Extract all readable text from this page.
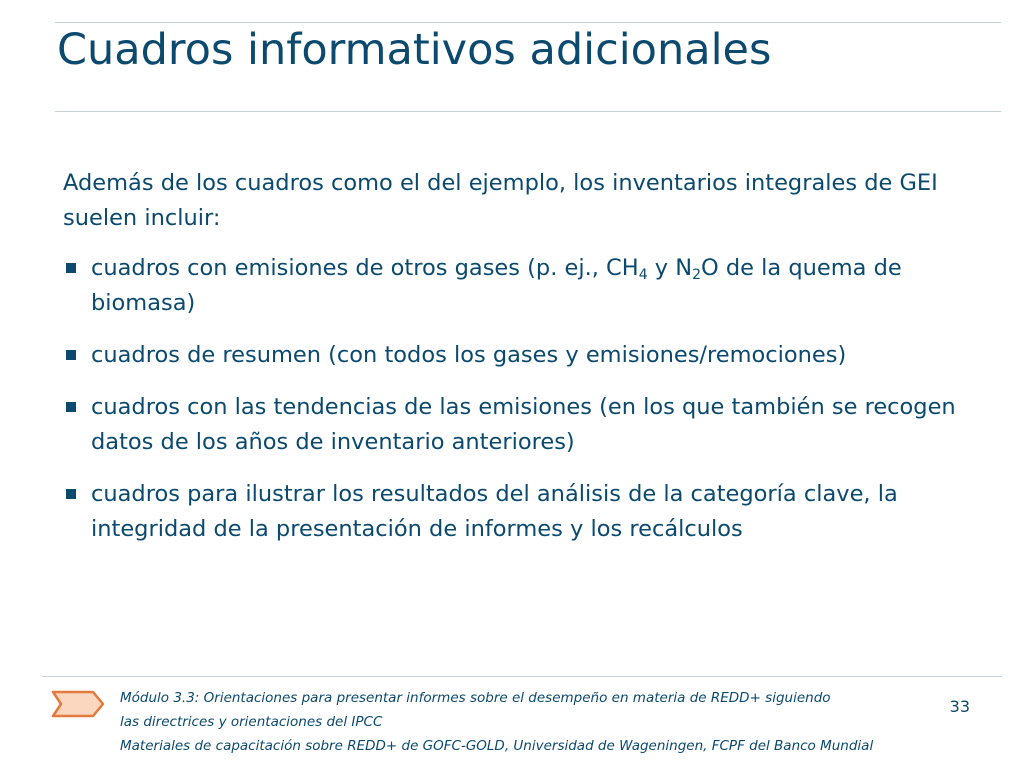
Cuadros informativos adicionales

Además de los cuadros como el del ejemplo, los inventarios integrales de GEI suelen incluir:

cuadros con emisiones de otros gases (p. ej., $CH_4$ y $N_2O$ de la quema de biomasa)
cuadros de resumen (con todos los gases y emisiones/remociones)
cuadros con las tendencias de las emisiones (en los que también se recogen datos de los años de inventario anteriores)
cuadros para ilustrar los resultados del análisis de la categoría clave, la integridad de la presentación de informes y los recálculos
Módulo 3.3: Orientaciones para presentar informes sobre el desempeño en materia de REDD+ siguiendo
las directrices y orientaciones del IPCC
Materiales de capacitación sobre REDD+ de GOFC-GOLD, Universidad de Wageningen, FCPF del Banco Mundial
33
